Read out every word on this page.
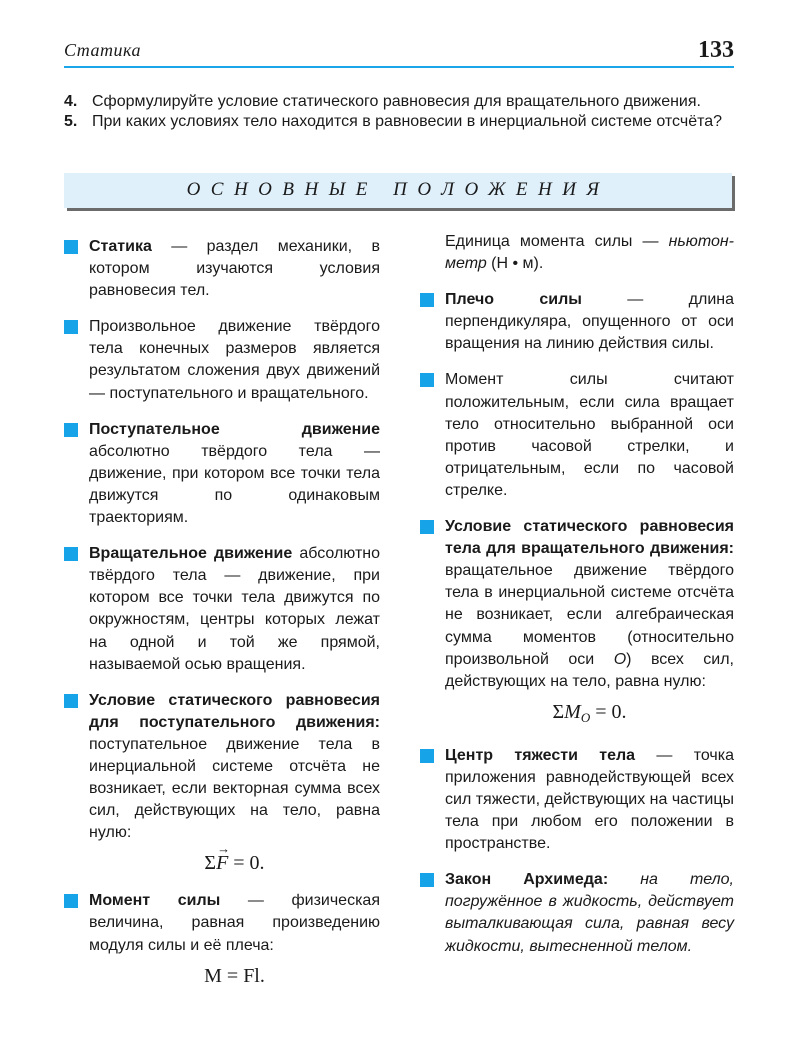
Статика	133
4. Сформулируйте условие статического равновесия для вращательного движения.
5. При каких условиях тело находится в равновесии в инерциальной системе отсчёта?
ОСНОВНЫЕ ПОЛОЖЕНИЯ
Статика — раздел механики, в котором изучаются условия равновесия тел.
Произвольное движение твёрдого тела конечных размеров является результатом сложения двух движений — поступательного и вращательного.
Поступательное движение абсолютно твёрдого тела — движение, при котором все точки тела движутся по одинаковым траекториям.
Вращательное движение абсолютно твёрдого тела — движение, при котором все точки тела движутся по окружностям, центры которых лежат на одной и той же прямой, называемой осью вращения.
Условие статического равновесия для поступательного движения: поступательное движение тела в инерциальной системе отсчёта не возникает, если векторная сумма всех сил, действующих на тело, равна нулю:
Σ
→
F = 0.
Момент силы — физическая величина, равная произведению модуля силы и её плеча:
M = Fl.
Единица момента силы — ньютон-метр (Н • м).
Плечо силы — длина перпендикуляра, опущенного от оси вращения на линию действия силы.
Момент силы считают положительным, если сила вращает тело относительно выбранной оси против часовой стрелки, и отрицательным, если по часовой стрелке.
Условие статического равновесия тела для вращательного движения: вращательное движение твёрдого тела в инерциальной системе отсчёта не возникает, если алгебраическая сумма моментов (относительно произвольной оси O) всех сил, действующих на тело, равна нулю:
$\Sigma M_O = 0$.
Центр тяжести тела — точка приложения равнодействующей всех сил тяжести, действующих на частицы тела при любом его положении в пространстве.
Закон Архимеда: на тело, погружённое в жидкость, действует выталкивающая сила, равная весу жидкости, вытесненной телом.
